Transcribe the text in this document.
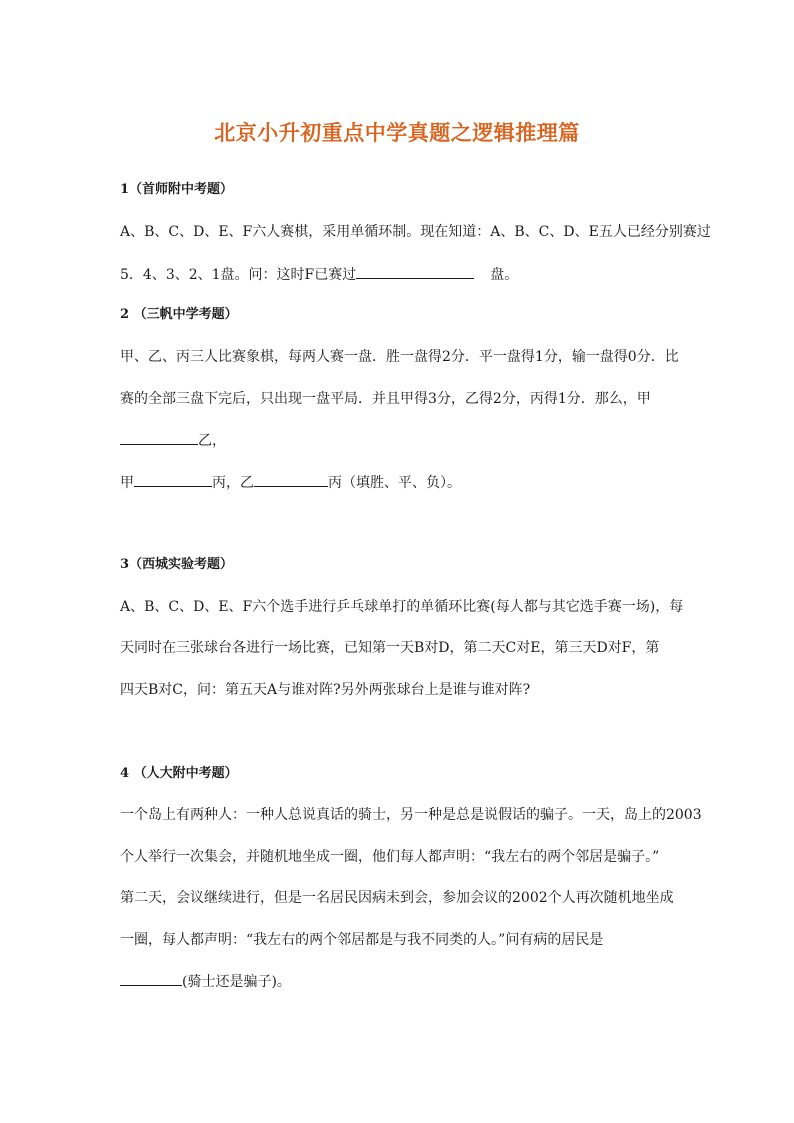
北京小升初重点中学真题之逻辑推理篇

1（首师附中考题）

A、B、C、D、E、F六人赛棋，采用单循环制。现在知道：A、B、C、D、E五人已经分别赛过

5．4、3、2、1盘。问：这时F已赛过	盘。

2 （三帆中学考题）

甲、乙、丙三人比赛象棋，每两人赛一盘．胜一盘得2分．平一盘得1分，输一盘得0分．比

赛的全部三盘下完后，只出现一盘平局．并且甲得3分，乙得2分，丙得1分．那么，甲

乙，

甲	丙，乙	丙（填胜、平、负）。

3（西城实验考题）

A、B、C、D、E、F六个选手进行乒乓球单打的单循环比赛(每人都与其它选手赛一场)，每

天同时在三张球台各进行一场比赛，已知第一天B对D，第二天C对E，第三天D对F，第

四天B对C，问：第五天A与谁对阵?另外两张球台上是谁与谁对阵?

4 （人大附中考题）

一个岛上有两种人：一种人总说真话的骑士，另一种是总是说假话的骗子。一天，岛上的2003

个人举行一次集会，并随机地坐成一圈，他们每人都声明：“我左右的两个邻居是骗子。”

第二天，会议继续进行，但是一名居民因病未到会，参加会议的2002个人再次随机地坐成

一圈，每人都声明：“我左右的两个邻居都是与我不同类的人。”问有病的居民是

(骑士还是骗子)。
